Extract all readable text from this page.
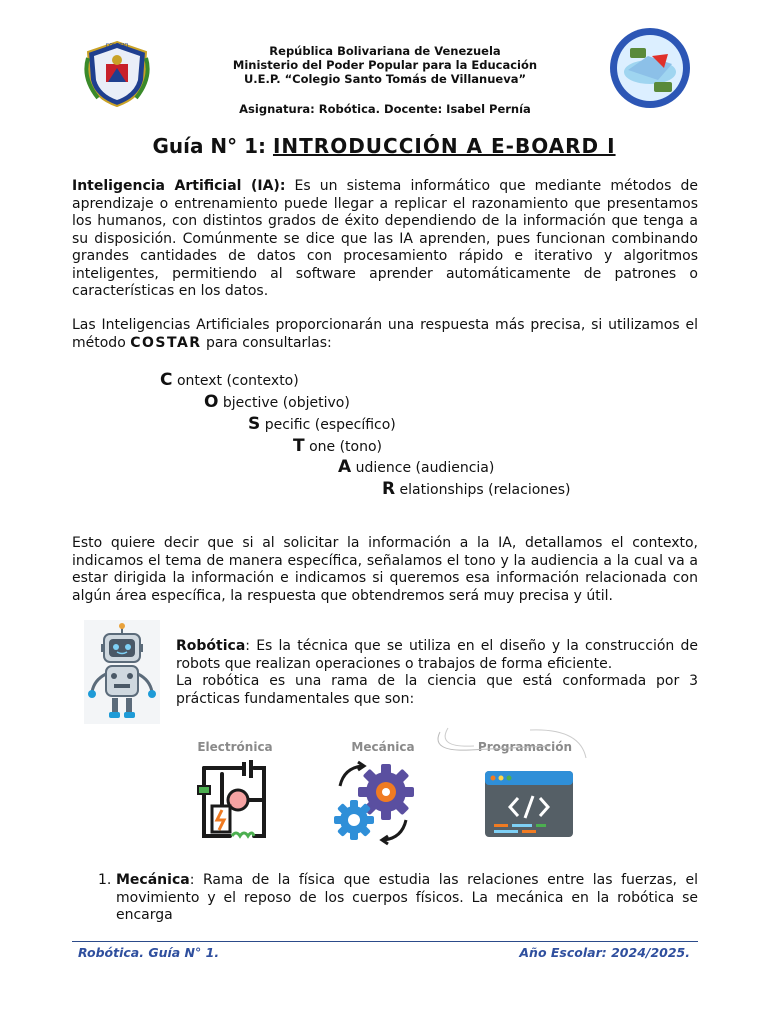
COLEGIO	República Bolivariana de Venezuela
Ministerio del Poder Popular para la Educación
U.E.P. “Colegio Santo Tomás de Villanueva”
Asignatura: Robótica. Docente: Isabel Pernía
Guía N° 1: INTRODUCCIÓN A E-BOARD I
Inteligencia Artificial (IA): Es un sistema informático que mediante métodos de aprendizaje o entrenamiento puede llegar a replicar el razonamiento que presentamos los humanos, con distintos grados de éxito dependiendo de la información que tenga a su disposición. Comúnmente se dice que las IA aprenden, pues funcionan combinando grandes cantidades de datos con procesamiento rápido e iterativo y algoritmos inteligentes, permitiendo al software aprender automáticamente de patrones o características en los datos.
Las Inteligencias Artificiales proporcionarán una respuesta más precisa, si utilizamos el método COSTAR para consultarlas:
C ontext (contexto)
O bjective (objetivo)
S pecific (específico)
T one (tono)
A udience (audiencia)
R elationships (relaciones)
Esto quiere decir que si al solicitar la información a la IA, detallamos el contexto, indicamos el tema de manera específica, señalamos el tono y la audiencia a la cual va a estar dirigida la información e indicamos si queremos esa información relacionada con algún área específica, la respuesta que obtendremos será muy precisa y útil.
Robótica: Es la técnica que se utiliza en el diseño y la construcción de robots que realizan operaciones o trabajos de forma eficiente.
La robótica es una rama de la ciencia que está conformada por 3 prácticas fundamentales que son:
Electrónica	Mecánica	Programación
1. Mecánica: Rama de la física que estudia las relaciones entre las fuerzas, el movimiento y el reposo de los cuerpos físicos. La mecánica en la robótica se encarga
Robótica. Guía N° 1.	Año Escolar: 2024/2025.
